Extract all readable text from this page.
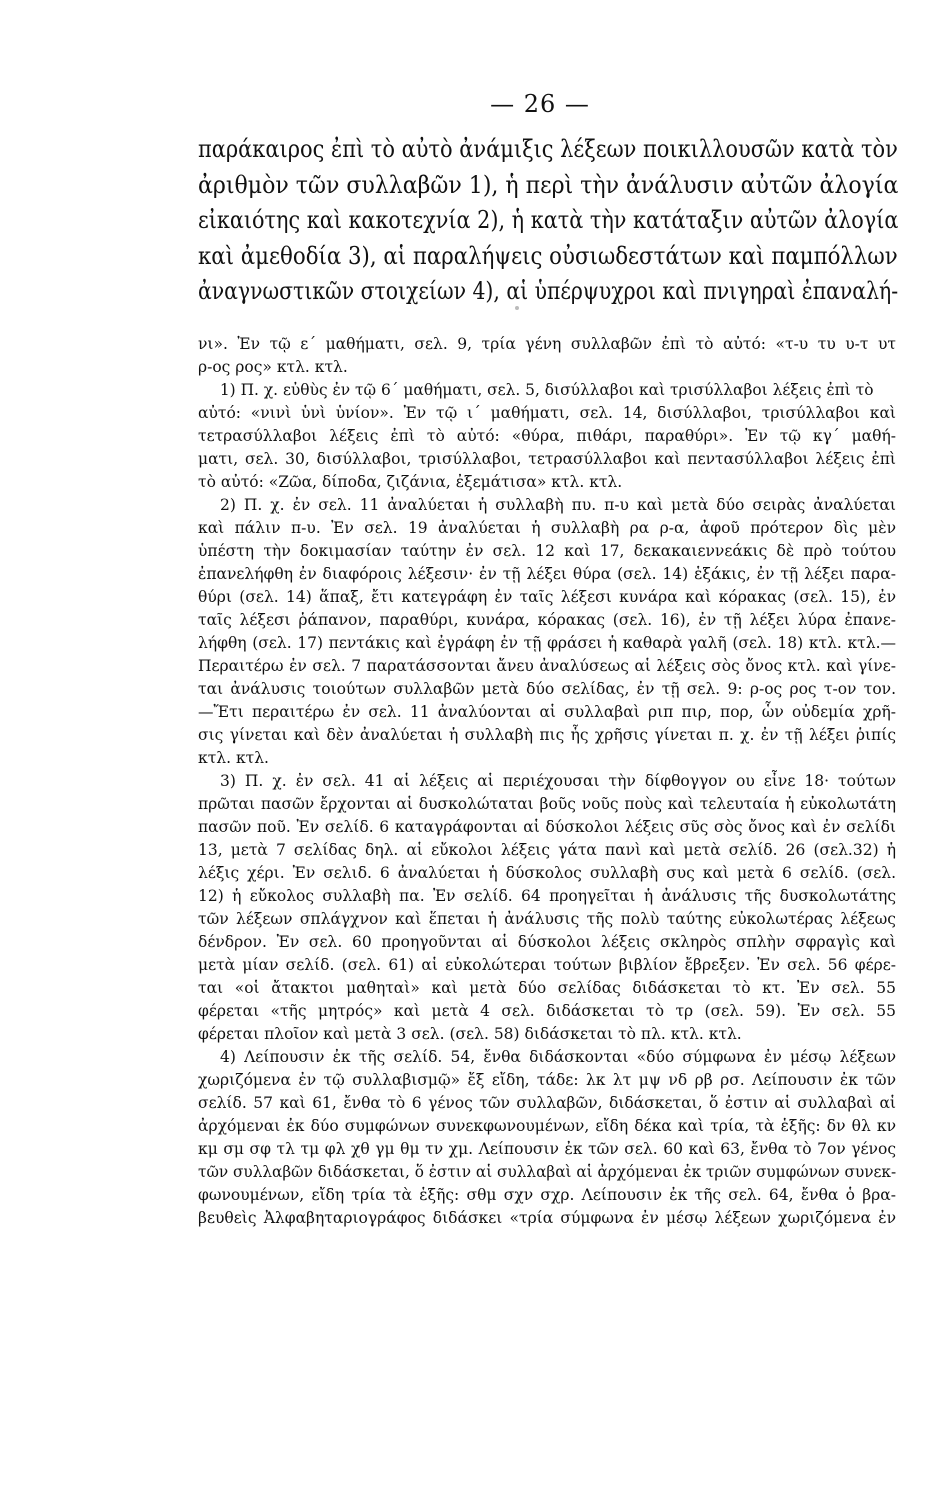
— 26 —
παράκαιρος ἐπὶ τὸ αὐτὸ ἀνάμιξις λέξεων ποικιλλουσῶν κατὰ τὸν
ἀριθμὸν τῶν συλλαβῶν 1), ἡ περὶ τὴν ἀνάλυσιν αὐτῶν ἀλογία
εἰκαιότης καὶ κακοτεχνία 2), ἡ κατὰ τὴν κατάταξιν αὐτῶν ἀλογία
καὶ ἀμεθοδία 3), αἱ παραλήψεις οὐσιωδεστάτων καὶ παμπόλλων
ἀναγνωστικῶν στοιχείων 4), αἱ ὑπέρψυχροι καὶ πνιγηραὶ ἐπαναλή-
νι». Ἐν τῷ ε΄ μαθήματι, σελ. 9, τρία γένη συλλαβῶν ἐπὶ τὸ αὐτό: «τ-υ τυ υ-τ υτ
ρ-ος ρος» κτλ. κτλ.
1) Π. χ. εὐθὺς ἐν τῷ 6΄ μαθήματι, σελ. 5, δισύλλαβοι καὶ τρισύλλαβοι λέξεις ἐπὶ τὸ
αὐτό: «νινὶ ὑνὶ ὑνίον». Ἐν τῷ ι΄ μαθήματι, σελ. 14, δισύλλαβοι, τρισύλλαβοι καὶ
τετρασύλλαβοι λέξεις ἐπὶ τὸ αὐτό: «θύρα, πιθάρι, παραθύρι». Ἐν τῷ κγ΄ μαθή-
ματι, σελ. 30, δισύλλαβοι, τρισύλλαβοι, τετρασύλλαβοι καὶ πεντασύλλαβοι λέξεις ἐπὶ
τὸ αὐτό: «Ζῶα, δίποδα, ζιζάνια, ἐξεμάτισα» κτλ. κτλ.
2) Π. χ. ἐν σελ. 11 ἀναλύεται ἡ συλλαβὴ πυ. π-υ καὶ μετὰ δύο σειρὰς ἀναλύεται
καὶ πάλιν π-υ. Ἐν σελ. 19 ἀναλύεται ἡ συλλαβὴ ρα ρ-α, ἀφοῦ πρότερον δὶς μὲν
ὑπέστη τὴν δοκιμασίαν ταύτην ἐν σελ. 12 καὶ 17, δεκακαιεννεάκις δὲ πρὸ τούτου
ἐπανελήφθη ἐν διαφόροις λέξεσιν· ἐν τῇ λέξει θύρα (σελ. 14) ἑξάκις, ἐν τῇ λέξει παρα-
θύρι (σελ. 14) ἅπαξ, ἔτι κατεγράφη ἐν ταῖς λέξεσι κυνάρα καὶ κόρακας (σελ. 15), ἐν
ταῖς λέξεσι ῥάπανον, παραθύρι, κυνάρα, κόρακας (σελ. 16), ἐν τῇ λέξει λύρα ἐπανε-
λήφθη (σελ. 17) πεντάκις καὶ ἐγράφη ἐν τῇ φράσει ἡ καθαρὰ γαλῆ (σελ. 18) κτλ. κτλ.—
Περαιτέρω ἐν σελ. 7 παρατάσσονται ἄνευ ἀναλύσεως αἱ λέξεις σὸς ὄνος κτλ. καὶ γίνε-
ται ἀνάλυσις τοιούτων συλλαβῶν μετὰ δύο σελίδας, ἐν τῇ σελ. 9: ρ-ος ρος τ-ον τον.
—Ἔτι περαιτέρω ἐν σελ. 11 ἀναλύονται αἱ συλλαβαὶ ριπ πιρ, πορ, ὧν οὐδεμία χρῆ-
σις γίνεται καὶ δὲν ἀναλύεται ἡ συλλαβὴ πις ἧς χρῆσις γίνεται π. χ. ἐν τῇ λέξει ῥιπίς
κτλ. κτλ.
3) Π. χ. ἐν σελ. 41 αἱ λέξεις αἱ περιέχουσαι τὴν δίφθογγον ου εἶνε 18· τούτων
πρῶται πασῶν ἔρχονται αἱ δυσκολώταται βοῦς νοῦς ποὺς καὶ τελευταία ἡ εὐκολωτάτη
πασῶν ποῦ. Ἐν σελίδ. 6 καταγράφονται αἱ δύσκολοι λέξεις σῦς σὸς ὄνος καὶ ἐν σελίδι
13, μετὰ 7 σελίδας δηλ. αἱ εὔκολοι λέξεις γάτα πανὶ καὶ μετὰ σελίδ. 26 (σελ.32) ἡ
λέξις χέρι. Ἐν σελιδ. 6 ἀναλύεται ἡ δύσκολος συλλαβὴ συς καὶ μετὰ 6 σελίδ. (σελ.
12) ἡ εὔκολος συλλαβὴ πα. Ἐν σελίδ. 64 προηγεῖται ἡ ἀνάλυσις τῆς δυσκολωτάτης
τῶν λέξεων σπλάγχνον καὶ ἕπεται ἡ ἀνάλυσις τῆς πολὺ ταύτης εὐκολωτέρας λέξεως
δένδρον. Ἐν σελ. 60 προηγοῦνται αἱ δύσκολοι λέξεις σκληρὸς σπλὴν σφραγὶς καὶ
μετὰ μίαν σελίδ. (σελ. 61) αἱ εὐκολώτεραι τούτων βιβλίον ἔβρεξεν. Ἐν σελ. 56 φέρε-
ται «οἱ ἄτακτοι μαθηταὶ» καὶ μετὰ δύο σελίδας διδάσκεται τὸ κτ. Ἐν σελ. 55
φέρεται «τῆς μητρός» καὶ μετὰ 4 σελ. διδάσκεται τὸ τρ (σελ. 59). Ἐν σελ. 55
φέρεται πλοῖον καὶ μετὰ 3 σελ. (σελ. 58) διδάσκεται τὸ πλ. κτλ. κτλ.
4) Λείπουσιν ἐκ τῆς σελίδ. 54, ἔνθα διδάσκονται «δύο σύμφωνα ἐν μέσῳ λέξεων
χωριζόμενα ἐν τῷ συλλαβισμῷ» ἔξ εἴδη, τάδε: λκ λτ μψ νδ ρβ ρσ. Λείπουσιν ἐκ τῶν
σελίδ. 57 καὶ 61, ἔνθα τὸ 6 γένος τῶν συλλαβῶν, διδάσκεται, ὅ ἐστιν αἱ συλλαβαὶ αἱ
ἀρχόμεναι ἐκ δύο συμφώνων συνεκφωνουμένων, εἴδη δέκα καὶ τρία, τὰ ἑξῆς: δν θλ κν
κμ σμ σφ τλ τμ φλ χθ γμ θμ τν χμ. Λείπουσιν ἐκ τῶν σελ. 60 καὶ 63, ἔνθα τὸ 7ον γένος
τῶν συλλαβῶν διδάσκεται, ὅ ἐστιν αἱ συλλαβαὶ αἱ ἀρχόμεναι ἐκ τριῶν συμφώνων συνεκ-
φωνουμένων, εἴδη τρία τὰ ἑξῆς: σθμ σχν σχρ. Λείπουσιν ἐκ τῆς σελ. 64, ἔνθα ὁ βρα-
βευθεὶς Ἀλφαβηταριογράφος διδάσκει «τρία σύμφωνα ἐν μέσῳ λέξεων χωριζόμενα ἐν
